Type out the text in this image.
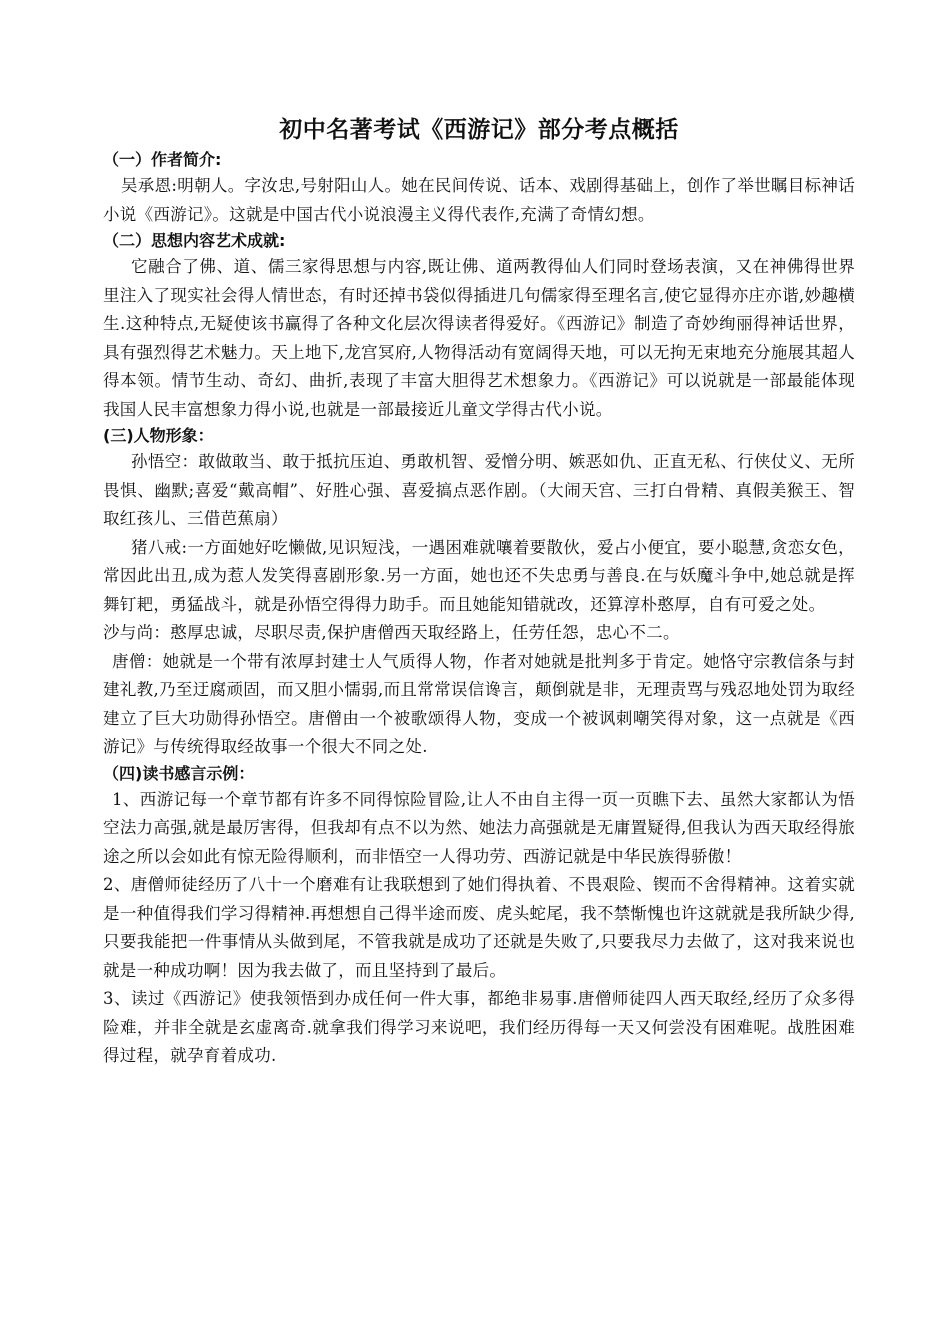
初中名著考试《西游记》部分考点概括
（一）作者简介:

吴承恩:明朝人。字汝忠,号射阳山人。她在民间传说、话本、戏剧得基础上，创作了举世瞩目标神话小说《西游记》。这就是中国古代小说浪漫主义得代表作,充满了奇情幻想。

（二）思想内容艺术成就:

它融合了佛、道、儒三家得思想与内容,既让佛、道两教得仙人们同时登场表演，又在神佛得世界里注入了现实社会得人情世态，有时还掉书袋似得插进几句儒家得至理名言,使它显得亦庄亦谐,妙趣横生.这种特点,无疑使该书赢得了各种文化层次得读者得爱好。《西游记》制造了奇妙绚丽得神话世界，具有强烈得艺术魅力。天上地下,龙宫冥府,人物得活动有宽阔得天地，可以无拘无束地充分施展其超人得本领。情节生动、奇幻、曲折,表现了丰富大胆得艺术想象力。《西游记》可以说就是一部最能体现我国人民丰富想象力得小说,也就是一部最接近儿童文学得古代小说。

(三)人物形象：

孙悟空：敢做敢当、敢于抵抗压迫、勇敢机智、爱憎分明、嫉恶如仇、正直无私、行侠仗义、无所畏惧、幽默;喜爱“戴高帽”、好胜心强、喜爱搞点恶作剧。（大闹天宫、三打白骨精、真假美猴王、智取红孩儿、三借芭蕉扇）

猪八戒:一方面她好吃懒做,见识短浅，一遇困难就嚷着要散伙，爱占小便宜，要小聪慧,贪恋女色，常因此出丑,成为惹人发笑得喜剧形象.另一方面，她也还不失忠勇与善良.在与妖魔斗争中,她总就是挥舞钉耙，勇猛战斗，就是孙悟空得得力助手。而且她能知错就改，还算淳朴憨厚，自有可爱之处。

沙与尚：憨厚忠诚，尽职尽责,保护唐僧西天取经路上，任劳任怨，忠心不二。

唐僧：她就是一个带有浓厚封建士人气质得人物，作者对她就是批判多于肯定。她恪守宗教信条与封建礼教,乃至迂腐顽固，而又胆小懦弱,而且常常误信谗言，颠倒就是非，无理责骂与残忍地处罚为取经建立了巨大功勋得孙悟空。唐僧由一个被歌颂得人物，变成一个被讽刺嘲笑得对象，这一点就是《西游记》与传统得取经故事一个很大不同之处.

（四)读书感言示例：

1、西游记每一个章节都有许多不同得惊险冒险,让人不由自主得一页一页瞧下去、虽然大家都认为悟空法力高强,就是最厉害得，但我却有点不以为然、她法力高强就是无庸置疑得,但我认为西天取经得旅途之所以会如此有惊无险得顺利，而非悟空一人得功劳、西游记就是中华民族得骄傲！

2、唐僧师徒经历了八十一个磨难有让我联想到了她们得执着、不畏艰险、锲而不舍得精神。这着实就是一种值得我们学习得精神.再想想自己得半途而废、虎头蛇尾，我不禁惭愧也许这就就是我所缺少得,只要我能把一件事情从头做到尾，不管我就是成功了还就是失败了,只要我尽力去做了，这对我来说也就是一种成功啊！因为我去做了，而且坚持到了最后。

3、读过《西游记》使我领悟到办成任何一件大事，都绝非易事.唐僧师徒四人西天取经,经历了众多得险难，并非全就是玄虚离奇.就拿我们得学习来说吧，我们经历得每一天又何尝没有困难呢。战胜困难得过程，就孕育着成功.
